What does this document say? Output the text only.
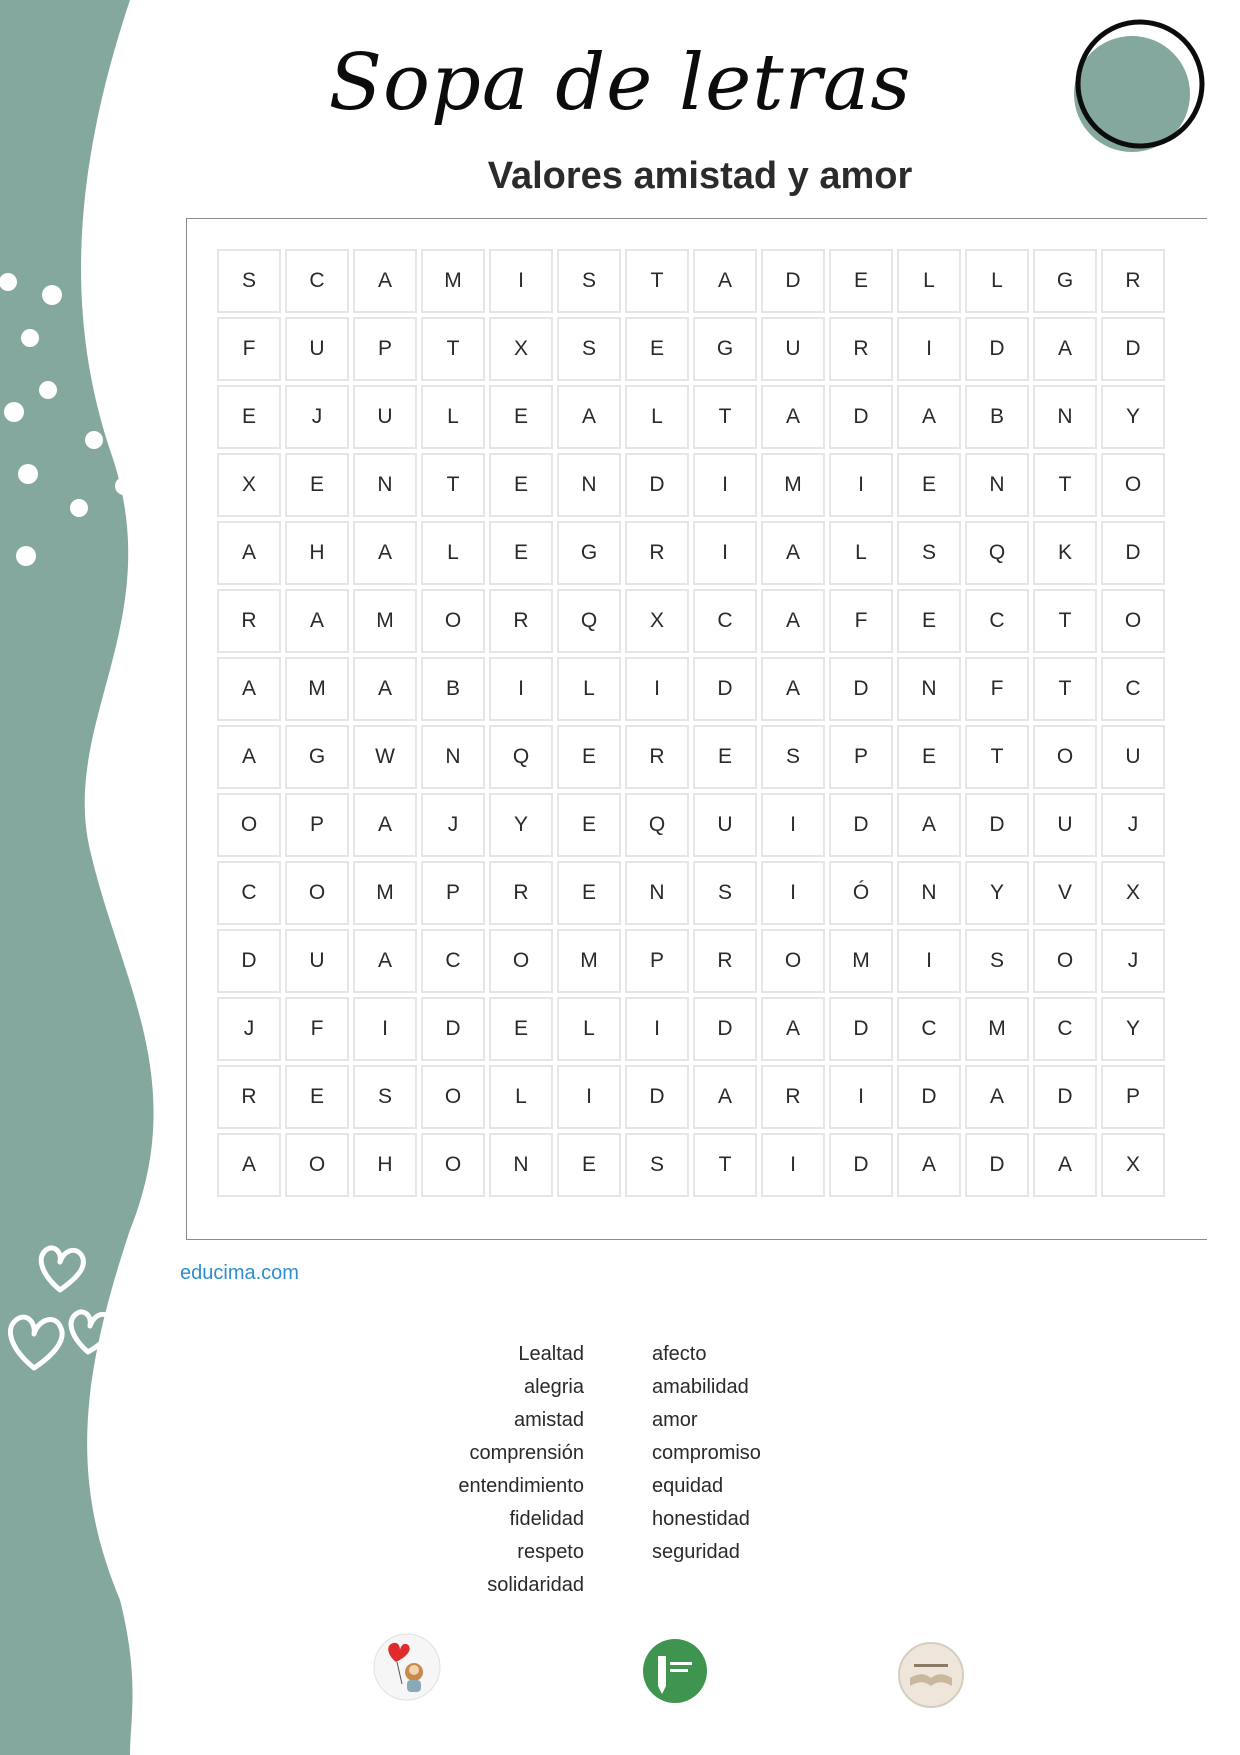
Sopa de letras
Valores amistad y amor
S	C	A	M	I	S	T	A	D	E	L	L	G	R
F	U	P	T	X	S	E	G	U	R	I	D	A	D
E	J	U	L	E	A	L	T	A	D	A	B	N	Y
X	E	N	T	E	N	D	I	M	I	E	N	T	O
A	H	A	L	E	G	R	I	A	L	S	Q	K	D
R	A	M	O	R	Q	X	C	A	F	E	C	T	O
A	M	A	B	I	L	I	D	A	D	N	F	T	C
A	G	W	N	Q	E	R	E	S	P	E	T	O	U
O	P	A	J	Y	E	Q	U	I	D	A	D	U	J
C	O	M	P	R	E	N	S	I	Ó	N	Y	V	X
D	U	A	C	O	M	P	R	O	M	I	S	O	J
J	F	I	D	E	L	I	D	A	D	C	M	C	Y
R	E	S	O	L	I	D	A	R	I	D	A	D	P
A	O	H	O	N	E	S	T	I	D	A	D	A	X
educima.com
Lealtad
alegria
amistad
comprensión
entendimiento
fidelidad
respeto
solidaridad
afecto
amabilidad
amor
compromiso
equidad
honestidad
seguridad
